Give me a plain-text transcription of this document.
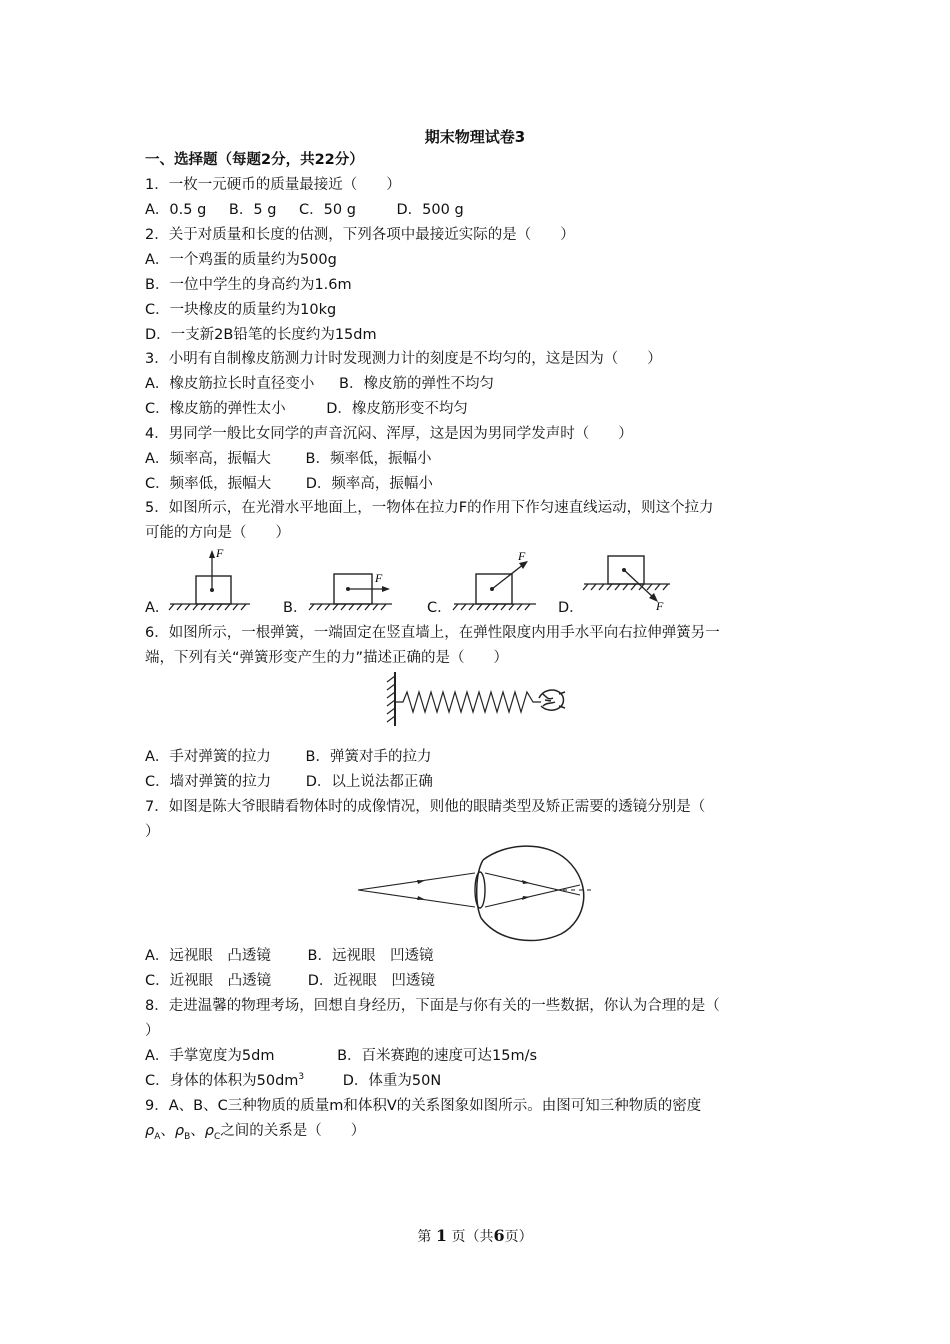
期末物理试卷3
一、选择题（每题2分，共22分）
1．一枚一元硬币的质量最接近（　　）
A．0.5 g B．5 g C．50 g	D．500 g
2．关于对质量和长度的估测，下列各项中最接近实际的是（　　）
A．一个鸡蛋的质量约为500g
B．一位中学生的身高约为1.6m
C．一块橡皮的质量约为10kg
D．一支新2B铅笔的长度约为15dm
3．小明有自制橡皮筋测力计时发现测力计的刻度是不均匀的，这是因为（　　）
A．橡皮筋拉长时直径变小 B．橡皮筋的弹性不均匀
C．橡皮筋的弹性太小	D．橡皮筋形变不均匀
4．男同学一般比女同学的声音沉闷、浑厚，这是因为男同学发声时（　　）
A．频率高，振幅大 B．频率低，振幅小
C．频率低，振幅大 D．频率高，振幅小
5．如图所示，在光滑水平地面上，一物体在拉力F的作用下作匀速直线运动，则这个拉力
可能的方向是（　　）
A．	B．	C．	D．
F
F
F
F
6．如图所示，一根弹簧，一端固定在竖直墙上，在弹性限度内用手水平向右拉伸弹簧另一
端，下列有关“弹簧形变产生的力”描述正确的是（　　）
A．手对弹簧的拉力 B．弹簧对手的拉力
C．墙对弹簧的拉力 D．以上说法都正确
7．如图是陈大爷眼睛看物体时的成像情况，则他的眼睛类型及矫正需要的透镜分别是（
）
A．远视眼　凸透镜	B．远视眼　凹透镜
C．近视眼　凸透镜	D．近视眼　凹透镜
8．走进温馨的物理考场，回想自身经历，下面是与你有关的一些数据，你认为合理的是（
）
A．手掌宽度为5dm	B．百米赛跑的速度可达15m/s
C．身体的体积为$50dm^3$	D．体重为50N
9．A、B、C三种物质的质量m和体积V的关系图象如图所示。由图可知三种物质的密度
$\rho_A$、$\rho_B$、$\rho_C$之间的关系是（　　）
第 1 页（共6页）
